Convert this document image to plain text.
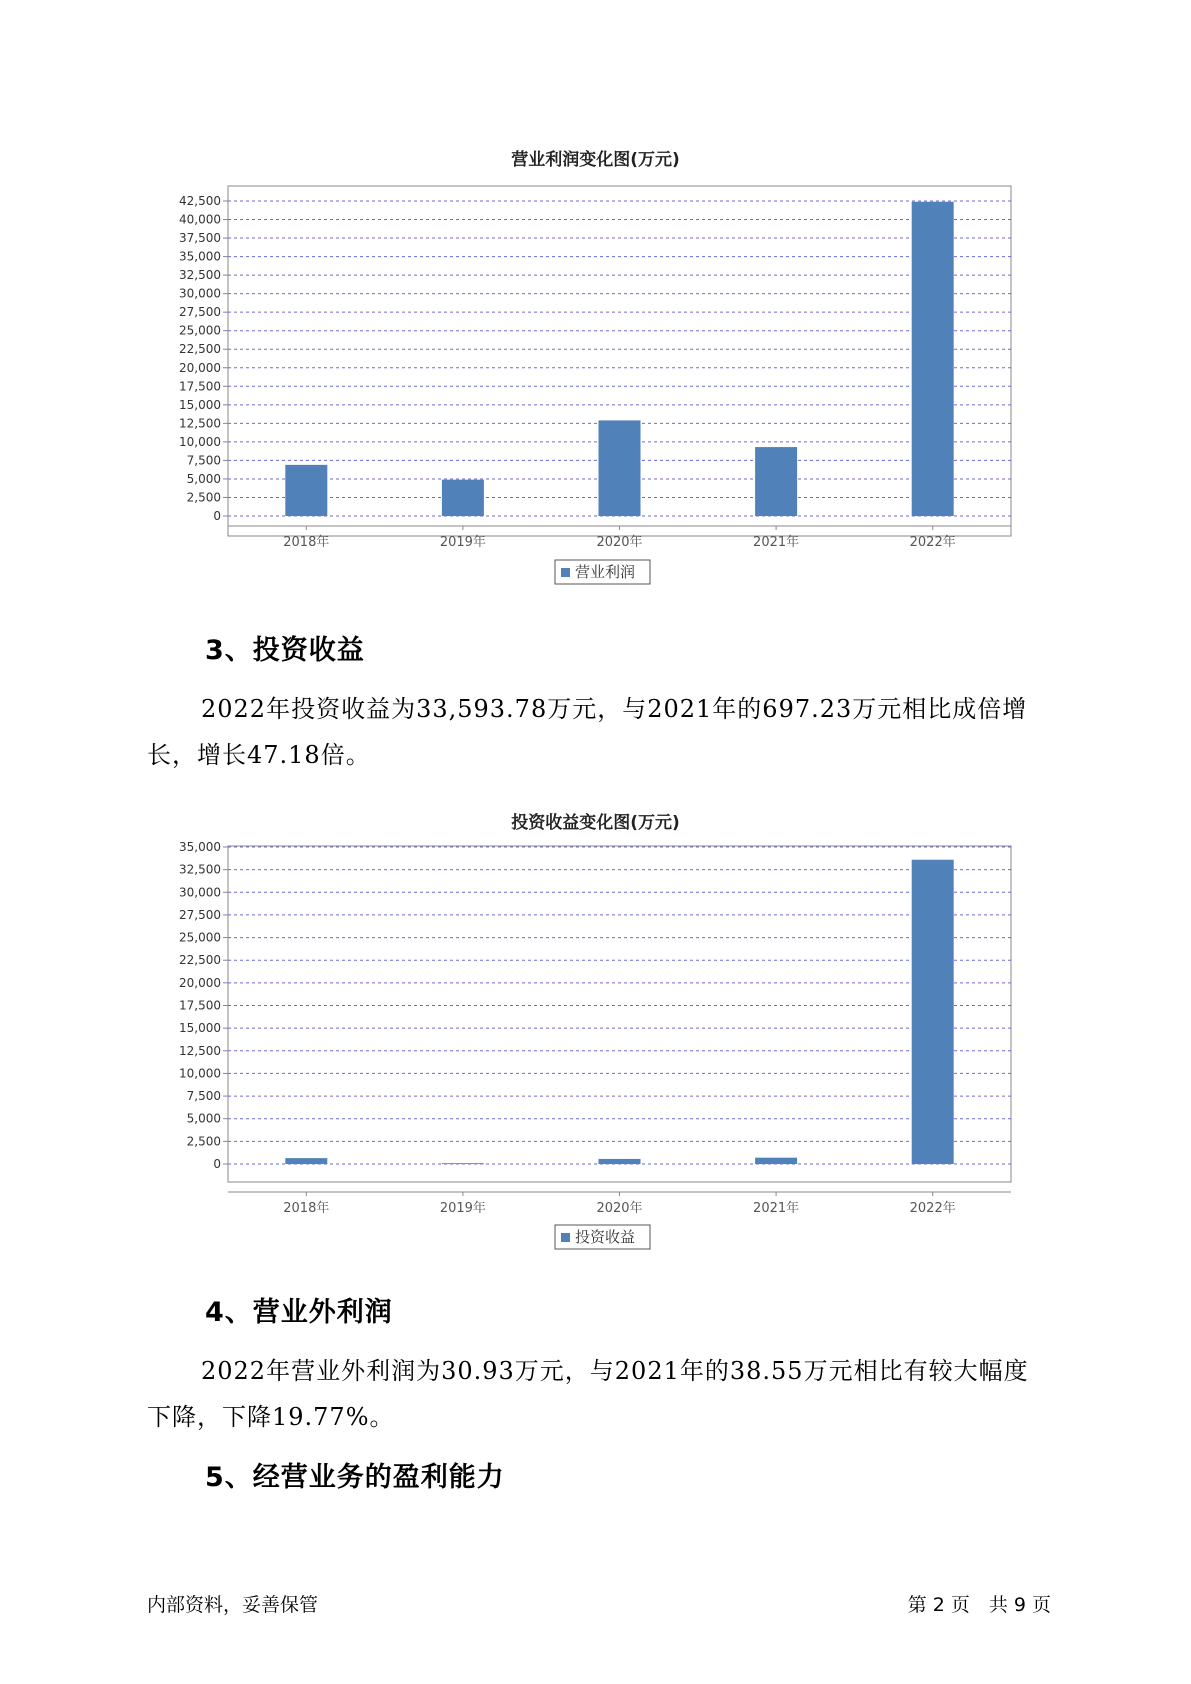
营业利润变化图(万元)
0
2,500
5,000
7,500
10,000
12,500
15,000
17,500
20,000
22,500
25,000
27,500
30,000
32,500
35,000
37,500
40,000
42,500
2018年	2019年	2020年	2021年	2022年
营业利润
3、投资收益

2022年投资收益为33,593.78万元，与2021年的697.23万元相比成倍增长，增长47.18倍。

投资收益变化图(万元)
0
2,500
5,000
7,500
10,000
12,500
15,000
17,500
20,000
22,500
25,000
27,500
30,000
32,500
35,000
2018年	2019年	2020年	2021年	2022年
投资收益
4、营业外利润

2022年营业外利润为30.93万元，与2021年的38.55万元相比有较大幅度下降，下降19.77%。

5、经营业务的盈利能力
内部资料，妥善保管	第 2 页　共 9 页
